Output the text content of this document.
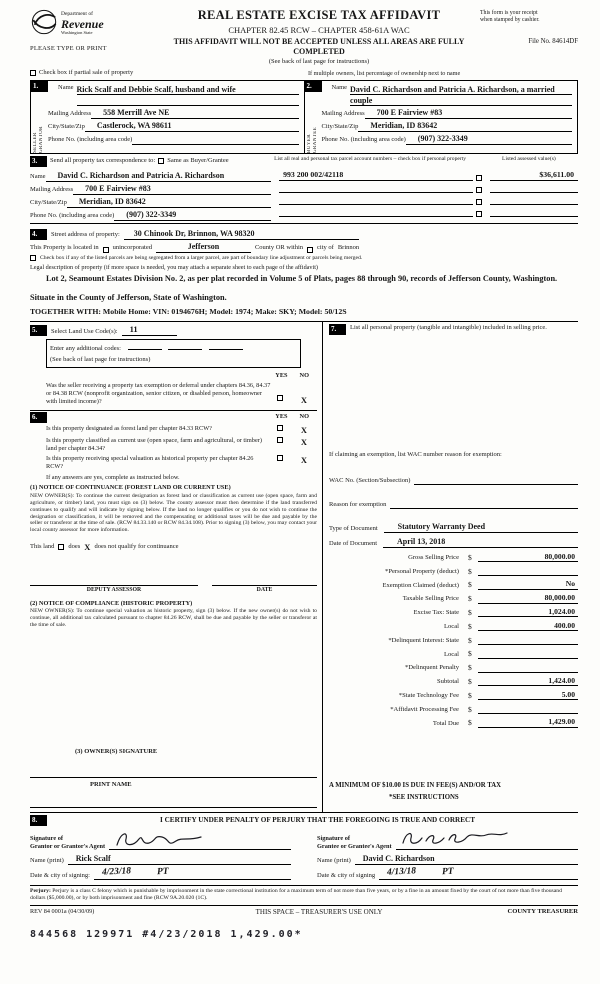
Department of
Revenue
Washington State
PLEASE TYPE OR PRINT
REAL ESTATE EXCISE TAX AFFIDAVIT
CHAPTER 82.45 RCW – CHAPTER 458-61A WAC
THIS AFFIDAVIT WILL NOT BE ACCEPTED UNLESS ALL AREAS ARE FULLY COMPLETED
(See back of last page for instructions)
This form is your receipt
when stamped by cashier.
File No. 84614DF
Check box if partial sale of property	If multiple owners, list percentage of ownership next to name
1.
SELLER GRANTOR
Name Rick Scalf and Debbie Scalf, husband and wife
Mailing Address	558 Merrill Ave NE
City/State/Zip	Castlerock, WA 98611
Phone No. (including area code)
2.
BUYER GRANTEE
Name David C. Richardson and Patricia A. Richardson, a married couple
Mailing Address	700 E Fairview #83
City/State/Zip	Meridian, ID 83642
Phone No. (including area code)	(907) 322-3349
3.	Send all property tax correspondence to: Same as Buyer/Grantee	List all real and personal tax parcel account numbers – check box if personal property	Listed assessed value(s)
Name	David C. Richardson and Patricia A. Richardson
Mailing Address	700 E Fairview #83
City/State/Zip	Meridian, ID 83642
Phone No. (including area code)	(907) 322-3349
993 200 002/42118	$36,611.00
4.	Street address of property:	30 Chinook Dr, Brinnon, WA 98320
This Property is located in unincorporated	Jefferson	County OR within city of Brinnon
Check box if any of the listed parcels are being segregated from a larger parcel, are part of boundary line adjustment or parcels being merged.
Legal description of property (if more space is needed, you may attach a separate sheet to each page of the affidavit)
Lot 2, Seamount Estates Division No. 2, as per plat recorded in Volume 5 of Plats, pages 88 through 90, records of Jefferson County, Washington.
Situate in the County of Jefferson, State of Washington.
TOGETHER WITH: Mobile Home: VIN: 0194676H; Model: 1974; Make: SKY; Model: 50/12S
5.	Select Land Use Code(s):	11
Enter any additional codes:
(See back of last page for instructions)
YES NO
Was the seller receiving a property tax exemption or deferral under chapters 84.36, 84.37 or 84.38 RCW (nonprofit organization, senior citizen, or disabled person, homeowner with limited income)?	X
6.	YES NO
Is this property designated as forest land per chapter 84.33 RCW?	X
Is this property classified as current use (open space, farm and agricultural, or timber) land per chapter 84.34?
X
Is this property receiving special valuation as historical property per chapter 84.26 RCW?
X
If any answers are yes, complete as instructed below.
(1) NOTICE OF CONTINUANCE (FOREST LAND OR CURRENT USE)
NEW OWNER(S): To continue the current designation as forest land or classification as current use (open space, farm and agriculture, or timber) land, you must sign on (3) below. The county assessor must then determine if the land transferred continues to qualify and will indicate by signing below. If the land no longer qualifies or you do not wish to continue the designation or classification, it will be removed and the compensating or additional taxes will be due and payable by the seller or transferor at the time of sale. (RCW 84.33.140 or RCW 84.34.108). Prior to signing (3) below, you may contact your local county assessor for more information.
This land does X does not qualify for continuance
DEPUTY ASSESSOR	DATE
(2) NOTICE OF COMPLIANCE (HISTORIC PROPERTY)
NEW OWNER(S): To continue special valuation as historic property, sign (3) below. If the new owner(s) do not wish to continue, all additional tax calculated pursuant to chapter 84.26 RCW, shall be due and payable by the seller or transferor at the time of sale.
(3) OWNER(S) SIGNATURE
PRINT NAME
7.	List all personal property (tangible and intangible) included in selling price.
If claiming an exemption, list WAC number reason for exemption:
WAC No. (Section/Subsection)
Reason for exemption
Type of Document	Statutory Warranty Deed
Date of Document	April 13, 2018
Gross Selling Price	$	80,000.00
*Personal Property (deduct)	$
Exemption Claimed (deduct)	$	No
Taxable Selling Price	$	80,000.00
Excise Tax: State	$	1,024.00
Local	$	400.00
*Delinquent Interest: State	$
Local	$
*Delinquent Penalty	$
Subtotal	$	1,424.00
*State Technology Fee	$	5.00
*Affidavit Processing Fee	$
Total Due	$	1,429.00
A MINIMUM OF $10.00 IS DUE IN FEE(S) AND/OR TAX
*SEE INSTRUCTIONS
8.	I CERTIFY UNDER PENALTY OF PERJURY THAT THE FOREGOING IS TRUE AND CORRECT
Signature of
Grantor or Grantor's Agent
Name (print)	Rick Scalf
Date & city of signing:	4/23/18	PT
Signature of
Grantee or Grantee's Agent
Name (print)	David C. Richardson
Date & city of signing	4/13/18	PT
Perjury: Perjury is a class C felony which is punishable by imprisonment in the state correctional institution for a maximum term of not more than five years, or by a fine in an amount fixed by the court of not more than five thousand dollars ($5,000.00), or by both imprisonment and fine (RCW 9A.20.020 (1C).
REV 84 0001a (04/30/09)	THIS SPACE – TREASURER'S USE ONLY	COUNTY TREASURER
844568 129971 #4/23/2018 1,429.00*
